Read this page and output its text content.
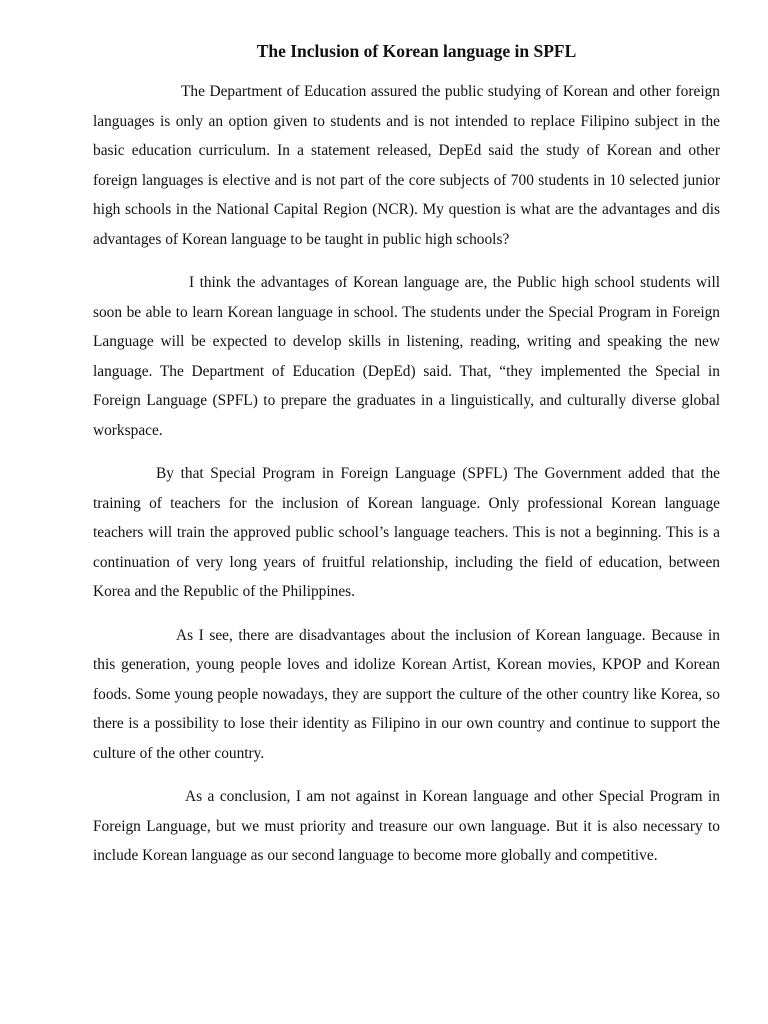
The Inclusion of Korean language in SPFL

The Department of Education assured the public studying of Korean and other foreign languages is only an option given to students and is not intended to replace Filipino subject in the basic education curriculum. In a statement released, DepEd said the study of Korean and other foreign languages is elective and is not part of the core subjects of 700 students in 10 selected junior high schools in the National Capital Region (NCR). My question is what are the advantages and dis advantages of Korean language to be taught in public high schools?

I think the advantages of Korean language are, the Public high school students will soon be able to learn Korean language in school. The students under the Special Program in Foreign Language will be expected to develop skills in listening, reading, writing and speaking the new language. The Department of Education (DepEd) said. That, “they implemented the Special in Foreign Language (SPFL) to prepare the graduates in a linguistically, and culturally diverse global workspace.

By that Special Program in Foreign Language (SPFL) The Government added that the training of teachers for the inclusion of Korean language. Only professional Korean language teachers will train the approved public school’s language teachers. This is not a beginning. This is a continuation of very long years of fruitful relationship, including the field of education, between Korea and the Republic of the Philippines.

As I see, there are disadvantages about the inclusion of Korean language. Because in this generation, young people loves and idolize Korean Artist, Korean movies, KPOP and Korean foods. Some young people nowadays, they are support the culture of the other country like Korea, so there is a possibility to lose their identity as Filipino in our own country and continue to support the culture of the other country.

As a conclusion, I am not against in Korean language and other Special Program in Foreign Language, but we must priority and treasure our own language. But it is also necessary to include Korean language as our second language to become more globally and competitive.
